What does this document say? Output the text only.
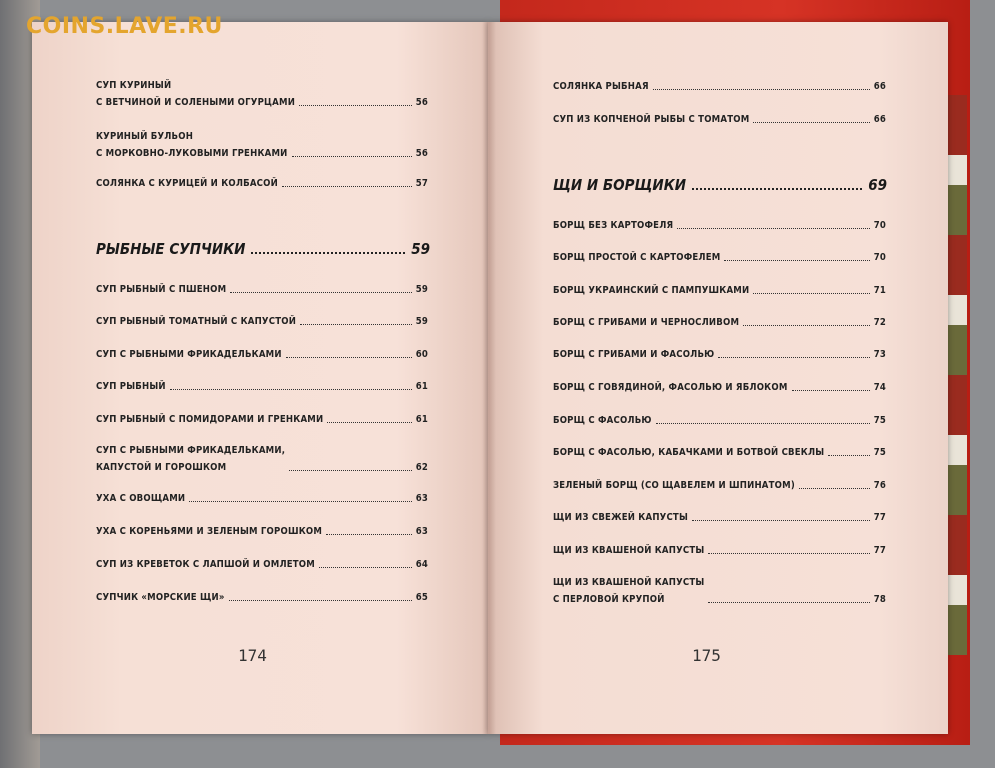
COINS.LAVE.RU
СУП КУРИНЫЙ
С ВЕТЧИНОЙ И СОЛЕНЫМИ ОГУРЦАМИ	56
КУРИНЫЙ БУЛЬОН
С МОРКОВНО-ЛУКОВЫМИ ГРЕНКАМИ	56
СОЛЯНКА С КУРИЦЕЙ И КОЛБАСОЙ	57
РЫБНЫЕ СУПЧИКИ	59
СУП РЫБНЫЙ С ПШЕНОМ	59
СУП РЫБНЫЙ ТОМАТНЫЙ С КАПУСТОЙ	59
СУП С РЫБНЫМИ ФРИКАДЕЛЬКАМИ	60
СУП РЫБНЫЙ	61
СУП РЫБНЫЙ С ПОМИДОРАМИ И ГРЕНКАМИ	61
СУП С РЫБНЫМИ ФРИКАДЕЛЬКАМИ,
КАПУСТОЙ И ГОРОШКОМ	62
УХА С ОВОЩАМИ	63
УХА С КОРЕНЬЯМИ И ЗЕЛЕНЫМ ГОРОШКОМ	63
СУП ИЗ КРЕВЕТОК С ЛАПШОЙ И ОМЛЕТОМ	64
СУПЧИК «МОРСКИЕ ЩИ»	65
174
СОЛЯНКА РЫБНАЯ	66
СУП ИЗ КОПЧЕНОЙ РЫБЫ С ТОМАТОМ	66
ЩИ И БОРЩИКИ	69
БОРЩ БЕЗ КАРТОФЕЛЯ	70
БОРЩ ПРОСТОЙ С КАРТОФЕЛЕМ	70
БОРЩ УКРАИНСКИЙ С ПАМПУШКАМИ	71
БОРЩ С ГРИБАМИ И ЧЕРНОСЛИВОМ	72
БОРЩ С ГРИБАМИ И ФАСОЛЬЮ	73
БОРЩ С ГОВЯДИНОЙ, ФАСОЛЬЮ И ЯБЛОКОМ	74
БОРЩ С ФАСОЛЬЮ	75
БОРЩ С ФАСОЛЬЮ, КАБАЧКАМИ И БОТВОЙ СВЕКЛЫ	75
ЗЕЛЕНЫЙ БОРЩ (СО ЩАВЕЛЕМ И ШПИНАТОМ)	76
ЩИ ИЗ СВЕЖЕЙ КАПУСТЫ	77
ЩИ ИЗ КВАШЕНОЙ КАПУСТЫ	77
ЩИ ИЗ КВАШЕНОЙ КАПУСТЫ
С ПЕРЛОВОЙ КРУПОЙ	78
175
